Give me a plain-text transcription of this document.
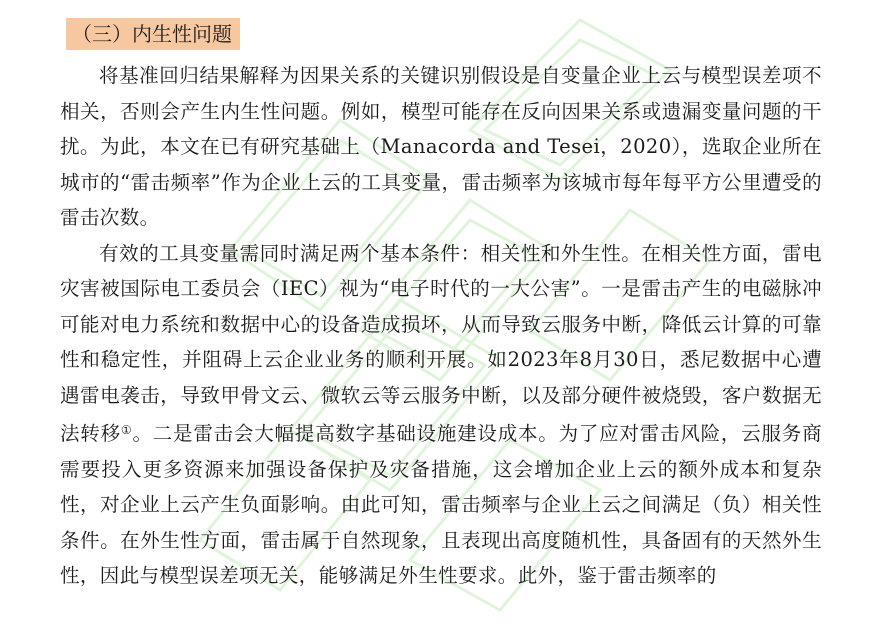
（三）内生性问题

将基准回归结果解释为因果关系的关键识别假设是自变量企业上云与模型误差项不相关，否则会产生内生性问题。例如，模型可能存在反向因果关系或遗漏变量问题的干扰。为此，本文在已有研究基础上（Manacorda and Tesei，2020），选取企业所在城市的“雷击频率”作为企业上云的工具变量，雷击频率为该城市每年每平方公里遭受的雷击次数。

有效的工具变量需同时满足两个基本条件：相关性和外生性。在相关性方面，雷电灾害被国际电工委员会（IEC）视为“电子时代的一大公害”。一是雷击产生的电磁脉冲可能对电力系统和数据中心的设备造成损坏，从而导致云服务中断，降低云计算的可靠性和稳定性，并阻碍上云企业业务的顺利开展。如2023年8月30日，悉尼数据中心遭遇雷电袭击，导致甲骨文云、微软云等云服务中断，以及部分硬件被烧毁，客户数据无法转移①。二是雷击会大幅提高数字基础设施建设成本。为了应对雷击风险，云服务商需要投入更多资源来加强设备保护及灾备措施，这会增加企业上云的额外成本和复杂性，对企业上云产生负面影响。由此可知，雷击频率与企业上云之间满足（负）相关性条件。在外生性方面，雷击属于自然现象，且表现出高度随机性，具备固有的天然外生性，因此与模型误差项无关，能够满足外生性要求。此外，鉴于雷击频率的
